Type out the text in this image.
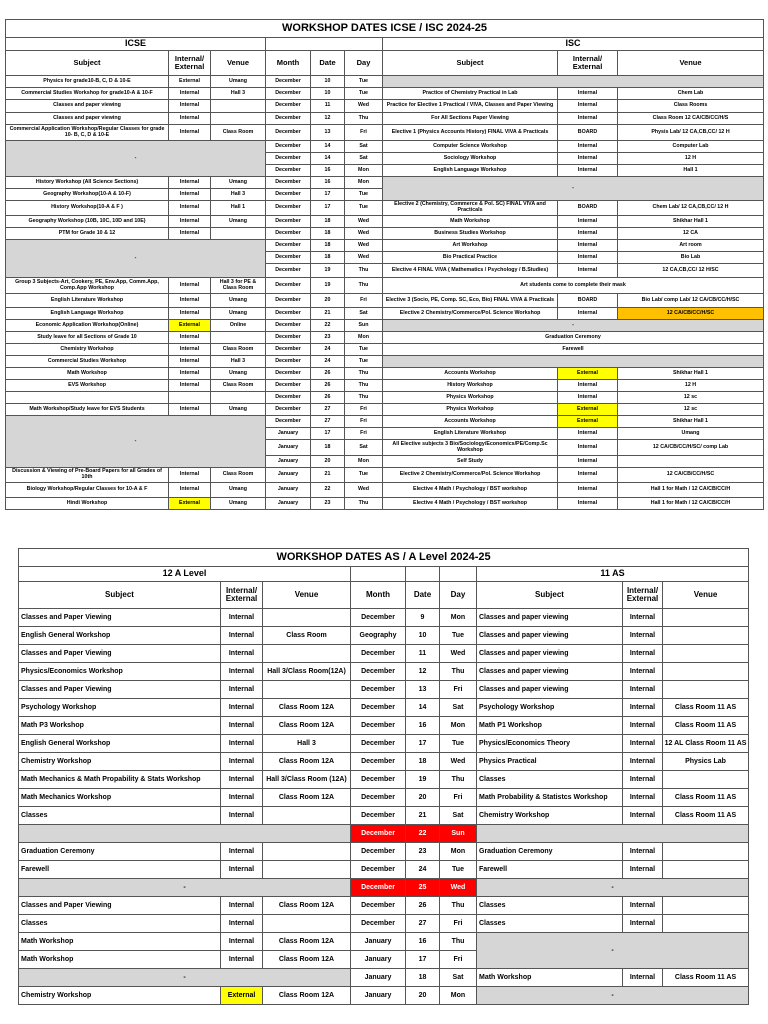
WORKSHOP DATES ICSE / ISC 2024-25								
ICSE						ISC		
Subject	Internal/ External	Venue	Month	Date	Day	Subject	Internal/ External	Venue
Physics for grade10-B, C, D & 10-E	External	Umang	December	10	Tue			
Commercial Studies Workshop for grade10-A & 10-F	Internal	Hall 3	December	10	Tue	Practice of Chemistry Practical in Lab	Internal	Chem Lab
Classes and paper viewing	Internal		December	11	Wed	Practice for Elective 1 Practical / VIVA, Classes and Paper Viewing	Internal	Class Rooms
Classes and paper viewing	Internal		December	12	Thu	For All Sections Paper Viewing	Internal	Class Room 12 CA/CB/CC/H/S
Commercial Application Workshop/Regular Classes for grade 10- B, C, D & 10-E	Internal	Class Room	December	13	Fri	Elective 1 (Physics Accounts History) FINAL VIVA & Practicals	BOARD	Physis Lab/ 12 CA,CB,CC/ 12 H
-			December	14	Sat	Computer Science Workshop	Internal	Computer Lab
			December	14	Sat	Sociology Workshop	Internal	12 H
			December	16	Mon	English Language Workshop	Internal	Hall 1
History Workshop (All Science Sections)	Internal	Umang	December	16	Mon	-		
Geography Workshop(10-A & 10-F)	Internal	Hall 3	December	17	Tue			
History Workshop(10-A & F )	Internal	Hall 1	December	17	Tue	Elective 2 (Chemistry, Commerce & Pol. SC) FINAL VIVA and Practicals	BOARD	Chem Lab/ 12 CA,CB,CC/ 12 H
Geography Workshop (10B, 10C, 10D and 10E)	Internal	Umang	December	18	Wed	Math Workshop	Internal	Shikhar Hall 1
PTM for Grade 10 & 12	Internal		December	18	Wed	Business Studies Workshop	Internal	12 CA
-			December	18	Wed	Art Workshop	Internal	Art room
			December	18	Wed	Bio Practical Practice	Internal	Bio Lab
			December	19	Thu	Elective 4 FINAL VIVA ( Mathematics / Psychology / B.Studies)	Internal	12 CA,CB,CC/ 12 H/SC
Group 3 Subjects-Art, Cookery, PE, Env.App, Comm.App, Comp.App Workshop	Internal	Hall 3 for PE & Class Room	December	19	Thu	Art students come to complete their mask		
English Literature Workshop	Internal	Umang	December	20	Fri	Elective 3 (Socio, PE, Comp. SC, Eco, Bio) FINAL VIVA & Practicals	BOARD	Bio Lab/ comp Lab/ 12 CA/CB/CC/H/SC
English Language Workshop	Internal	Umang	December	21	Sat	Elective 2 Chemistry/Commerce/Pol. Science Workshop	Internal	12 CA/CB/CC/H/SC
Economic Application Workshop(Online)	External	Online	December	22	Sun	-		
Study leave for all Sections of Grade 10	Internal		December	23	Mon	Graduation Ceremony		
Chemistry Workshop	Internal	Class Room	December	24	Tue	Farewell		
Commercial Studies Workshop	Internal	Hall 3	December	24	Tue			
Math Workshop	Internal	Umang	December	26	Thu	Accounts Workshop	External	Shikhar Hall 1
EVS Workshop	Internal	Class Room	December	26	Thu	History Workshop	Internal	12 H
			December	26	Thu	Physics Workshop	Internal	12 sc
Math Workshop/Study leave for EVS Students	Internal	Umang	December	27	Fri	Physics Workshop	External	12 sc
-			December	27	Fri	Accounts Workshop	External	Shikhar Hall 1
			January	17	Fri	English Literature Workshop	Internal	Umang
			January	18	Sat	All Elective subjects 3 Bio/Sociology/Economics/PE/Comp.Sc Workshop	Internal	12 CA/CB/CC/H/SC/ comp Lab
			January	20	Mon	Self Study	Internal	
Discussion & Viewing of Pre-Board Papers for all Grades of 10th	Internal	Class Room	January	21	Tue	Elective 2 Chemistry/Commerce/Pol. Science Workshop	Internal	12 CA/CB/CC/H/SC
Biology Workshop/Regular Classes for 10-A & F	Internal	Umang	January	22	Wed	Elective 4 Math / Psychology / BST workshop	Internal	Hall 1 for Math / 12 CA/CB/CC/H
Hindi Workshop	External	Umang	January	23	Thu	Elective 4 Math / Psychology / BST workshop	Internal	Hall 1 for Math / 12 CA/CB/CC/H
WORKSHOP DATES AS / A Level 2024-25								
12 A Level						11 AS		
Subject	Internal/ External	Venue	Month	Date	Day	Subject	Internal/ External	Venue
Classes and Paper Viewing	Internal		December	9	Mon	Classes and paper viewing	Internal	
English General Workshop	Internal	Class Room	Geography	10	Tue	Classes and paper viewing	Internal	
Classes and Paper Viewing	Internal		December	11	Wed	Classes and paper viewing	Internal	
Physics/Economics Workshop	Internal	Hall 3/Class Room(12A)	December	12	Thu	Classes and paper viewing	Internal	
Classes and Paper Viewing	Internal		December	13	Fri	Classes and paper viewing	Internal	
Psychology Workshop	Internal	Class Room 12A	December	14	Sat	Psychology Workshop	Internal	Class Room 11 AS
Math P3 Workshop	Internal	Class Room 12A	December	16	Mon	Math P1 Workshop	Internal	Class Room 11 AS
English General Workshop	Internal	Hall 3	December	17	Tue	Physics/Economics Theory	Internal	12 AL Class Room 11 AS
Chemistry Workshop	Internal	Class Room 12A	December	18	Wed	Physics Practical	Internal	Physics Lab
Math Mechanics & Math Propability & Stats Workshop	Internal	Hall 3/Class Room (12A)	December	19	Thu	Classes	Internal	
Math Mechanics Workshop	Internal	Class Room 12A	December	20	Fri	Math Probability & Statistcs Workshop	Internal	Class Room 11 AS
Classes	Internal		December	21	Sat	Chemistry Workshop	Internal	Class Room 11 AS
			December	22	Sun			
Graduation Ceremony	Internal		December	23	Mon	Graduation Ceremony	Internal	
Farewell	Internal		December	24	Tue	Farewell	Internal	
-			December	25	Wed	-		
Classes and Paper Viewing	Internal	Class Room 12A	December	26	Thu	Classes	Internal	
Classes	Internal		December	27	Fri	Classes	Internal	
Math Workshop	Internal	Class Room 12A	January	16	Thu	-		
Math Workshop	Internal	Class Room 12A	January	17	Fri			
-			January	18	Sat	Math Workshop	Internal	Class Room 11 AS
Chemistry Workshop	External	Class Room 12A	January	20	Mon	-		
